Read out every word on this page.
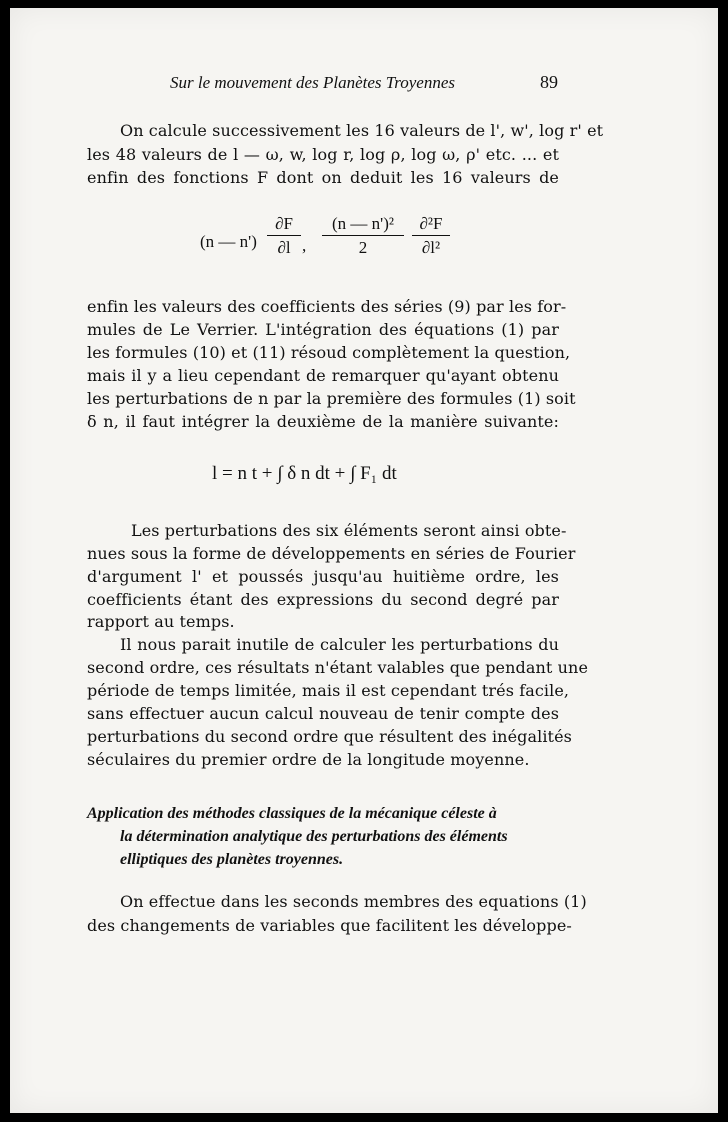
Sur le mouvement des Planètes Troyennes	89
On calcule successivement les 16 valeurs de l', w', log r' et
les 48 valeurs de l — ω, w, log r, log ρ, log ω, ρ' etc. ... et
enfin des fonctions F dont on deduit les 16 valeurs de
(n — n')
∂F
∂l ,
(n — n')²
2
∂²F
∂l²
enfin les valeurs des coefficients des séries (9) par les for-
mules de Le Verrier. L'intégration des équations (1) par
les formules (10) et (11) résoud complètement la question,
mais il y a lieu cependant de remarquer qu'ayant obtenu
les perturbations de n par la première des formules (1) soit
δ n, il faut intégrer la deuxième de la manière suivante:
l = n t + ∫ δ n dt + ∫ F₁ dt
Les perturbations des six éléments seront ainsi obte-
nues sous la forme de développements en séries de Fourier
d'argument l' et poussés jusqu'au huitième ordre, les
coefficients étant des expressions du second degré par
rapport au temps.
Il nous parait inutile de calculer les perturbations du
second ordre, ces résultats n'étant valables que pendant une
période de temps limitée, mais il est cependant trés facile,
sans effectuer aucun calcul nouveau de tenir compte des
perturbations du second ordre que résultent des inégalités
séculaires du premier ordre de la longitude moyenne.
Application des méthodes classiques de la mécanique céleste à
la détermination analytique des perturbations des éléments
elliptiques des planètes troyennes.
On effectue dans les seconds membres des equations (1)
des changements de variables que facilitent les développe-
